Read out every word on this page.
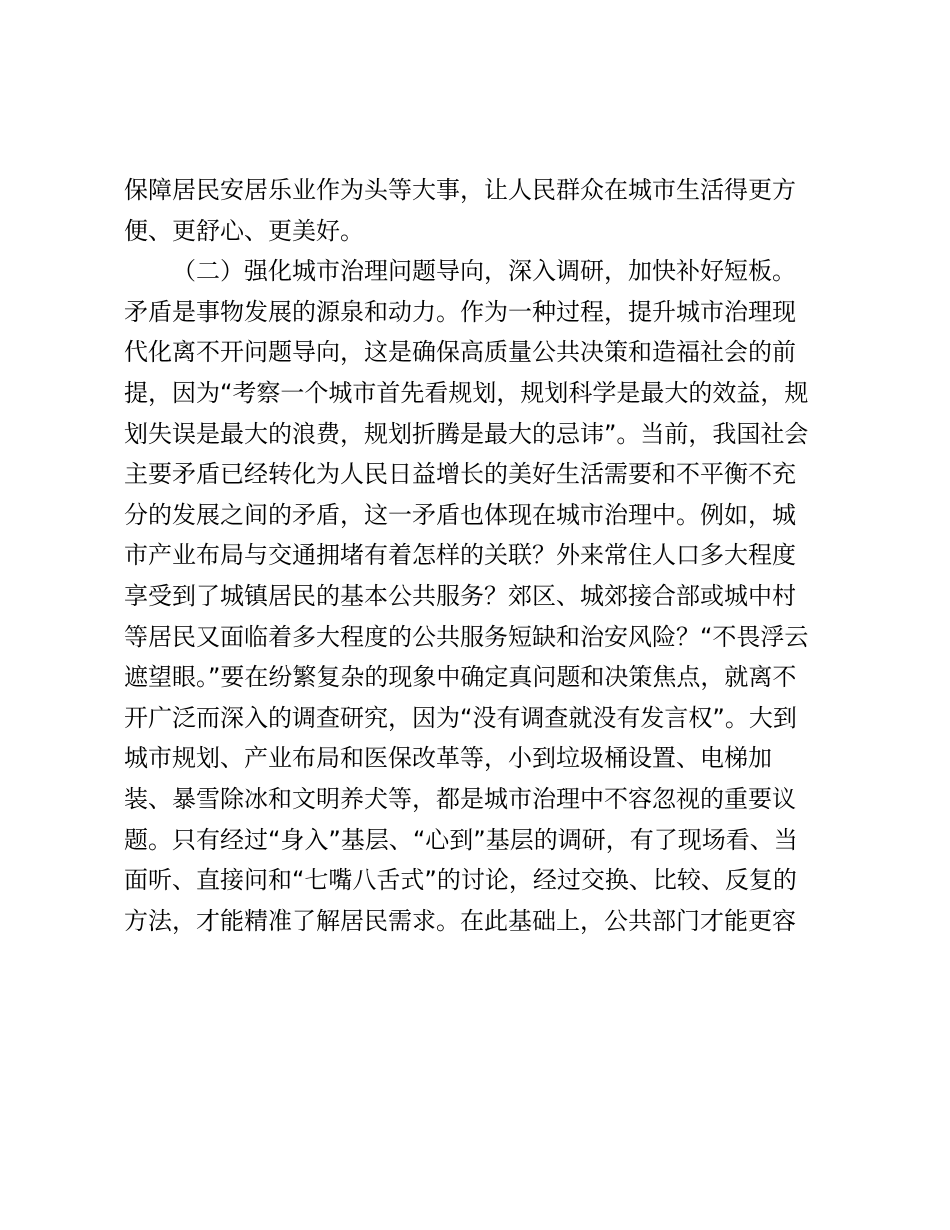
保障居民安居乐业作为头等大事，让人民群众在城市生活得更方
便、更舒心、更美好。
（二）强化城市治理问题导向，深入调研，加快补好短板。
矛盾是事物发展的源泉和动力。作为一种过程，提升城市治理现
代化离不开问题导向，这是确保高质量公共决策和造福社会的前
提，因为“考察一个城市首先看规划，规划科学是最大的效益，规
划失误是最大的浪费，规划折腾是最大的忌讳”。当前，我国社会
主要矛盾已经转化为人民日益增长的美好生活需要和不平衡不充
分的发展之间的矛盾，这一矛盾也体现在城市治理中。例如，城
市产业布局与交通拥堵有着怎样的关联？外来常住人口多大程度
享受到了城镇居民的基本公共服务？郊区、城郊接合部或城中村
等居民又面临着多大程度的公共服务短缺和治安风险？“不畏浮云
遮望眼。”要在纷繁复杂的现象中确定真问题和决策焦点，就离不
开广泛而深入的调查研究，因为“没有调查就没有发言权”。大到
城市规划、产业布局和医保改革等，小到垃圾桶设置、电梯加
装、暴雪除冰和文明养犬等，都是城市治理中不容忽视的重要议
题。只有经过“身入”基层、“心到”基层的调研，有了现场看、当
面听、直接问和“七嘴八舌式”的讨论，经过交换、比较、反复的
方法，才能精准了解居民需求。在此基础上，公共部门才能更容
